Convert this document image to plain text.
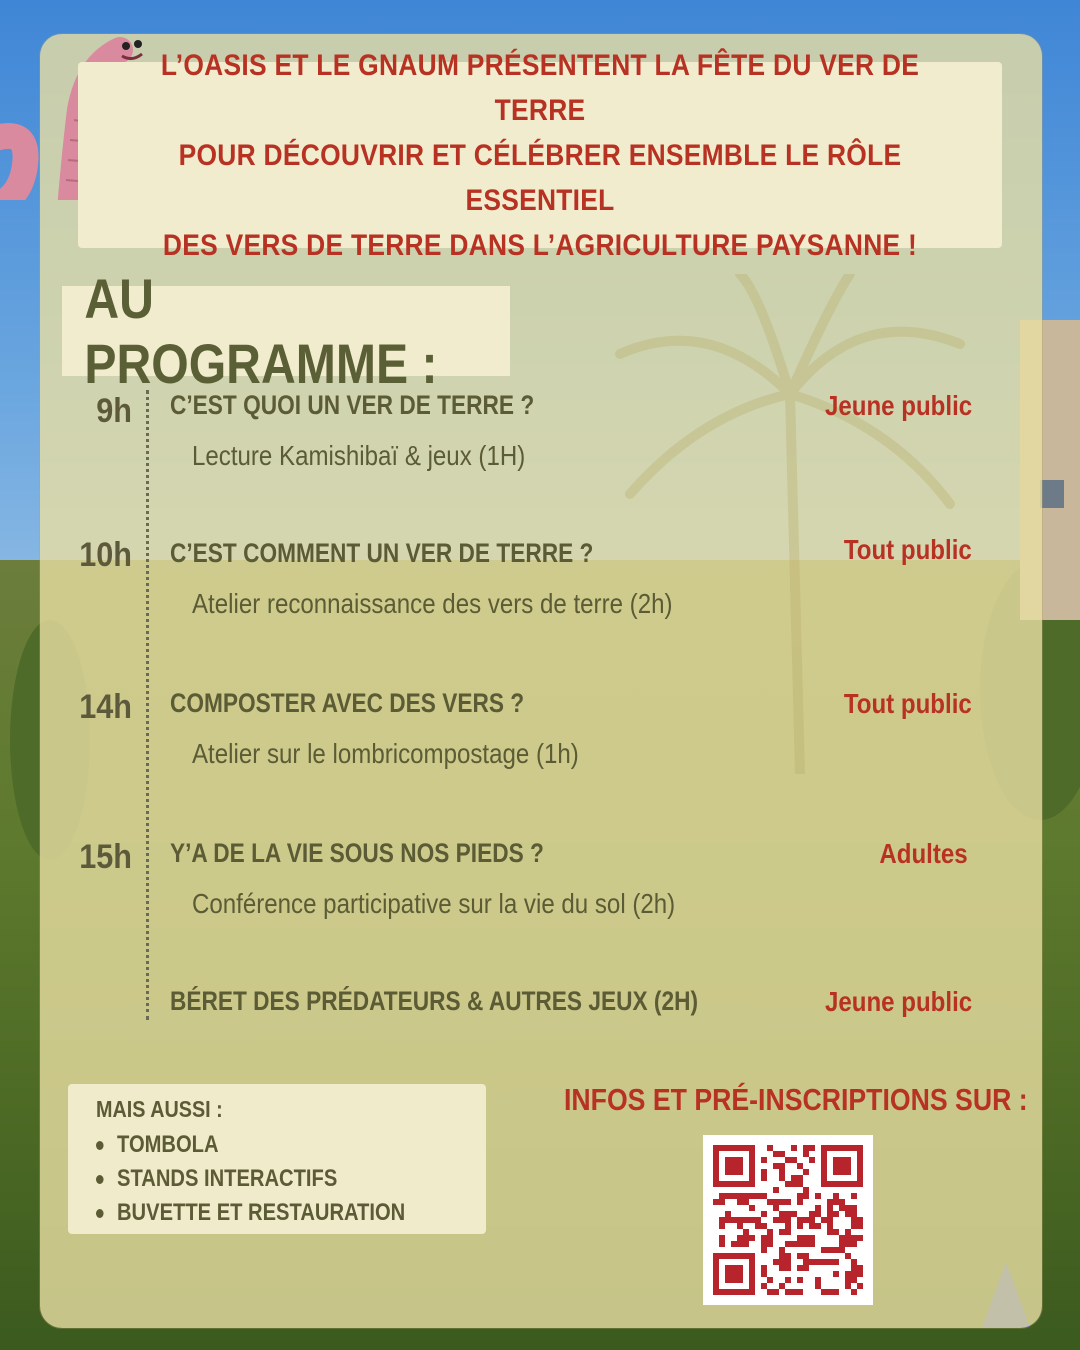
L’OASIS ET LE GNAUM PRÉSENTENT LA FÊTE DU VER DE TERRE
POUR DÉCOUVRIR ET CÉLÉBRER ENSEMBLE LE RÔLE ESSENTIEL
DES VERS DE TERRE DANS L’AGRICULTURE PAYSANNE !

AU PROGRAMME :
9h C’EST QUOI UN VER DE TERRE ?
Lecture Kamishibaï & jeux (1H)
Jeune public
10h C’EST COMMENT UN VER DE TERRE ?
Atelier reconnaissance des vers de terre (2h)
Tout public
14h COMPOSTER AVEC DES VERS ?
Atelier sur le lombricompostage (1h)
Tout public
15h Y’A DE LA VIE SOUS NOS PIEDS ?
Conférence participative sur la vie du sol (2h)
Adultes
BÉRET DES PRÉDATEURS & AUTRES JEUX (2H)	Jeune public
MAIS AUSSI :
TOMBOLA
STANDS INTERACTIFS
BUVETTE ET RESTAURATION
INFOS ET PRÉ-INSCRIPTIONS SUR :
